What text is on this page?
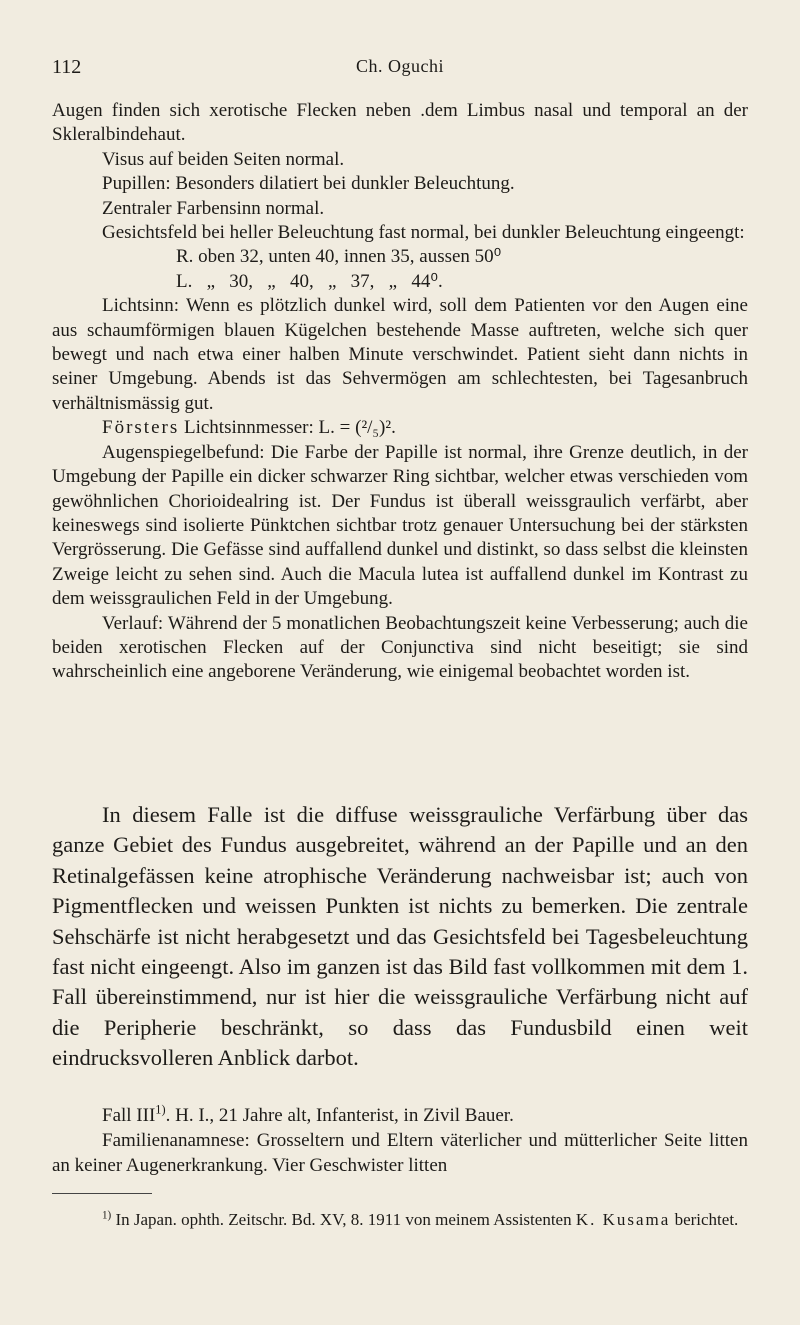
112	Ch. Oguchi

Augen finden sich xerotische Flecken neben .dem Limbus nasal und temporal an der Skleralbindehaut.

Visus auf beiden Seiten normal.

Pupillen: Besonders dilatiert bei dunkler Beleuchtung.

Zentraler Farbensinn normal.

Gesichtsfeld bei heller Beleuchtung fast normal, bei dunkler Beleuchtung eingeengt:

R. oben 32, unten 40, innen 35, aussen 50⁰

L.   „   30,   „   40,   „   37,   „   44⁰.

Lichtsinn: Wenn es plötzlich dunkel wird, soll dem Patienten vor den Augen eine aus schaumförmigen blauen Kügelchen bestehende Masse auftreten, welche sich quer bewegt und nach etwa einer halben Minute verschwindet. Patient sieht dann nichts in seiner Umgebung. Abends ist das Sehvermögen am schlechtesten, bei Tagesanbruch verhältnismässig gut.

Försters Lichtsinnmesser: L. = (²/₅)².

Augenspiegelbefund: Die Farbe der Papille ist normal, ihre Grenze deutlich, in der Umgebung der Papille ein dicker schwarzer Ring sichtbar, welcher etwas verschieden vom gewöhnlichen Chorioidealring ist. Der Fundus ist überall weissgraulich verfärbt, aber keineswegs sind isolierte Pünktchen sichtbar trotz genauer Untersuchung bei der stärksten Vergrösserung. Die Gefässe sind auffallend dunkel und distinkt, so dass selbst die kleinsten Zweige leicht zu sehen sind. Auch die Macula lutea ist auffallend dunkel im Kontrast zu dem weissgraulichen Feld in der Umgebung.

Verlauf: Während der 5 monatlichen Beobachtungszeit keine Verbesserung; auch die beiden xerotischen Flecken auf der Conjunctiva sind nicht beseitigt; sie sind wahrscheinlich eine angeborene Veränderung, wie einigemal beobachtet worden ist.

In diesem Falle ist die diffuse weissgrauliche Verfärbung über das ganze Gebiet des Fundus ausgebreitet, während an der Papille und an den Retinalgefässen keine atrophische Veränderung nachweisbar ist; auch von Pigmentflecken und weissen Punkten ist nichts zu bemerken. Die zentrale Sehschärfe ist nicht herabgesetzt und das Gesichtsfeld bei Tagesbeleuchtung fast nicht eingeengt. Also im ganzen ist das Bild fast vollkommen mit dem 1. Fall übereinstimmend, nur ist hier die weissgrauliche Verfärbung nicht auf die Peripherie beschränkt, so dass das Fundusbild einen weit eindrucksvolleren Anblick darbot.

Fall III$^{1)}$. H. I., 21 Jahre alt, Infanterist, in Zivil Bauer.

Familienanamnese: Grosseltern und Eltern väterlicher und mütterlicher Seite litten an keiner Augenerkrankung. Vier Geschwister litten

$^{1)}$ In Japan. ophth. Zeitschr. Bd. XV, 8. 1911 von meinem Assistenten K. Kusama berichtet.
